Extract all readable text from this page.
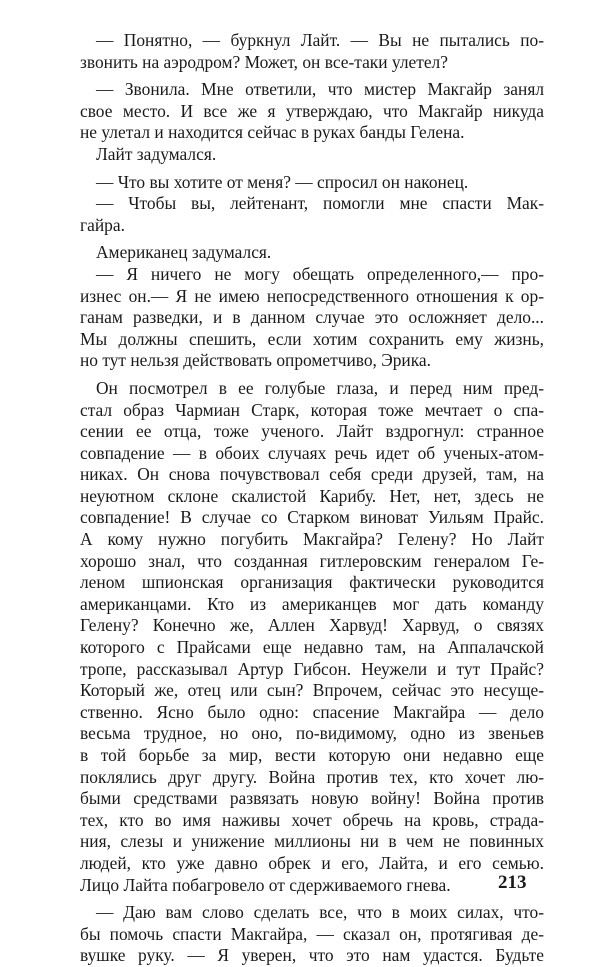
— Понятно, — буркнул Лайт. — Вы не пытались по-
звонить на аэродром? Может, он все-таки улетел?
— Звонила. Мне ответили, что мистер Макгайр занял
свое место. И все же я утверждаю, что Макгайр никуда
не улетал и находится сейчас в руках банды Гелена.
Лайт задумался.
— Что вы хотите от меня? — спросил он наконец.
— Чтобы вы, лейтенант, помогли мне спасти Мак-
гайра.
Американец задумался.
— Я ничего не могу обещать определенного,— про-
изнес он.— Я не имею непосредственного отношения к ор-
ганам разведки, и в данном случае это осложняет дело...
Мы должны спешить, если хотим сохранить ему жизнь,
но тут нельзя действовать опрометчиво, Эрика.
Он посмотрел в ее голубые глаза, и перед ним пред-
стал образ Чармиан Старк, которая тоже мечтает о спа-
сении ее отца, тоже ученого. Лайт вздрогнул: странное
совпадение — в обоих случаях речь идет об ученых-атом-
никах. Он снова почувствовал себя среди друзей, там, на
неуютном склоне скалистой Карибу. Нет, нет, здесь не
совпадение! В случае со Старком виноват Уильям Прайс.
А кому нужно погубить Макгайра? Гелену? Но Лайт
хорошо знал, что созданная гитлеровским генералом Ге-
леном шпионская организация фактически руководится
американцами. Кто из американцев мог дать команду
Гелену? Конечно же, Аллен Харвуд! Харвуд, о связях
которого с Прайсами еще недавно там, на Аппалачской
тропе, рассказывал Артур Гибсон. Неужели и тут Прайс?
Который же, отец или сын? Впрочем, сейчас это несуще-
ственно. Ясно было одно: спасение Макгайра — дело
весьма трудное, но оно, по-видимому, одно из звеньев
в той борьбе за мир, вести которую они недавно еще
поклялись друг другу. Война против тех, кто хочет лю-
быми средствами развязать новую войну! Война против
тех, кто во имя наживы хочет обречь на кровь, страда-
ния, слезы и унижение миллионы ни в чем не повинных
людей, кто уже давно обрек и его, Лайта, и его семью.
Лицо Лайта побагровело от сдерживаемого гнева.
— Даю вам слово сделать все, что в моих силах, что-
бы помочь спасти Макгайра, — сказал он, протягивая де-
вушке руку. — Я уверен, что это нам удастся. Будьте
213
